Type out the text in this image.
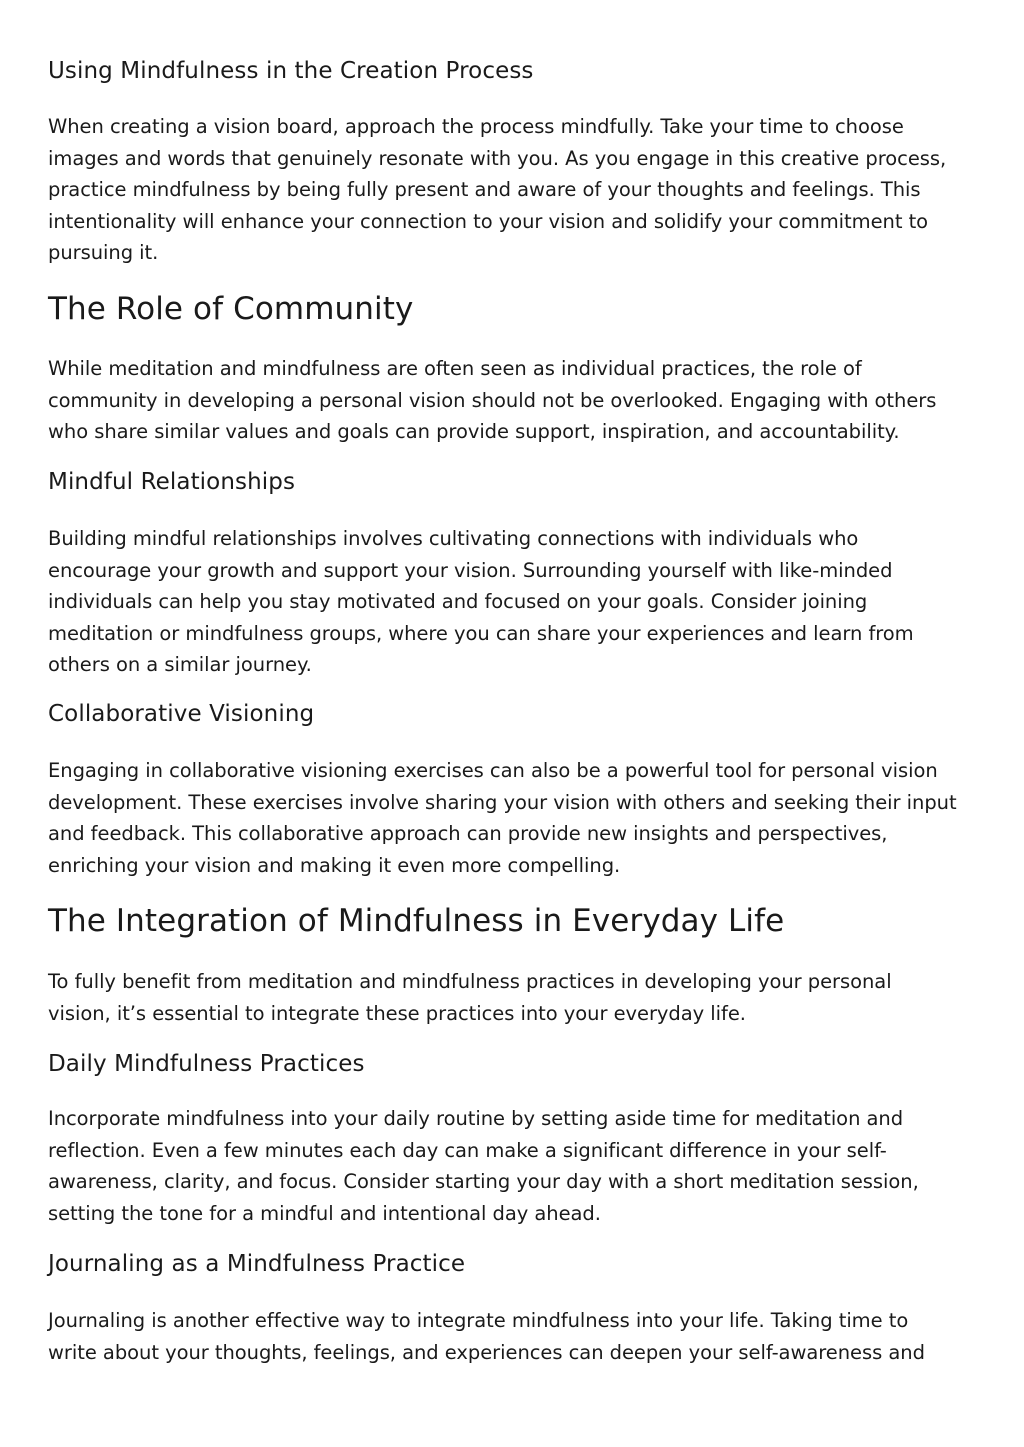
Using Mindfulness in the Creation Process
When creating a vision board, approach the process mindfully. Take your time to choose
images and words that genuinely resonate with you. As you engage in this creative process,
practice mindfulness by being fully present and aware of your thoughts and feelings. This
intentionality will enhance your connection to your vision and solidify your commitment to
pursuing it.
The Role of Community
While meditation and mindfulness are often seen as individual practices, the role of
community in developing a personal vision should not be overlooked. Engaging with others
who share similar values and goals can provide support, inspiration, and accountability.
Mindful Relationships
Building mindful relationships involves cultivating connections with individuals who
encourage your growth and support your vision. Surrounding yourself with like-minded
individuals can help you stay motivated and focused on your goals. Consider joining
meditation or mindfulness groups, where you can share your experiences and learn from
others on a similar journey.
Collaborative Visioning
Engaging in collaborative visioning exercises can also be a powerful tool for personal vision
development. These exercises involve sharing your vision with others and seeking their input
and feedback. This collaborative approach can provide new insights and perspectives,
enriching your vision and making it even more compelling.
The Integration of Mindfulness in Everyday Life
To fully benefit from meditation and mindfulness practices in developing your personal
vision, it’s essential to integrate these practices into your everyday life.
Daily Mindfulness Practices
Incorporate mindfulness into your daily routine by setting aside time for meditation and
reflection. Even a few minutes each day can make a significant difference in your self-
awareness, clarity, and focus. Consider starting your day with a short meditation session,
setting the tone for a mindful and intentional day ahead.
Journaling as a Mindfulness Practice
Journaling is another effective way to integrate mindfulness into your life. Taking time to
write about your thoughts, feelings, and experiences can deepen your self-awareness and
